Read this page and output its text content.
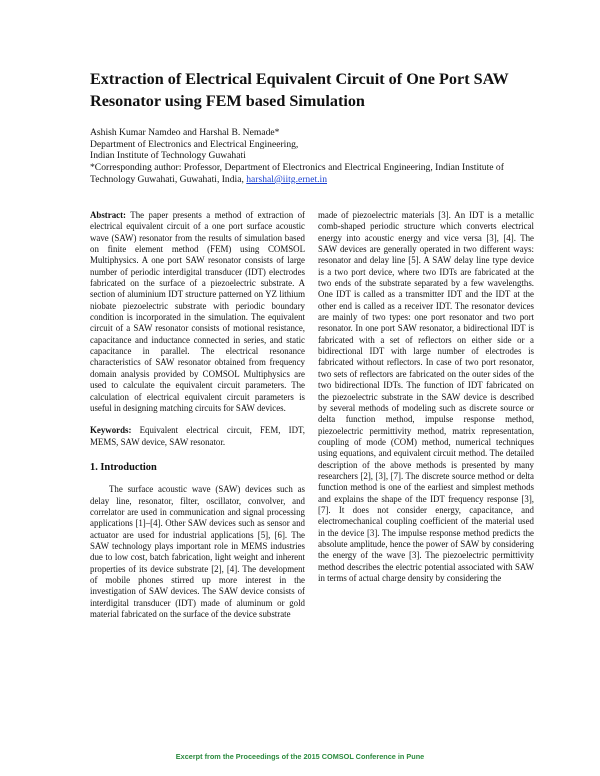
Extraction of Electrical Equivalent Circuit of One Port SAW Resonator using FEM based Simulation
Ashish Kumar Namdeo and Harshal B. Nemade*
Department of Electronics and Electrical Engineering,
Indian Institute of Technology Guwahati
*Corresponding author: Professor, Department of Electronics and Electrical Engineering, Indian Institute of
Technology Guwahati, Guwahati, India, harshal@iitg.ernet.in

Abstract: The paper presents a method of extraction of electrical equivalent circuit of a one port surface acoustic wave (SAW) resonator from the results of simulation based on finite element method (FEM) using COMSOL Multiphysics. A one port SAW resonator consists of large number of periodic interdigital transducer (IDT) electrodes fabricated on the surface of a piezoelectric substrate. A section of aluminium IDT structure patterned on YZ lithium niobate piezoelectric substrate with periodic boundary condition is incorporated in the simulation. The equivalent circuit of a SAW resonator consists of motional resistance, capacitance and inductance connected in series, and static capacitance in parallel. The electrical resonance characteristics of SAW resonator obtained from frequency domain analysis provided by COMSOL Multiphysics are used to calculate the equivalent circuit parameters. The calculation of electrical equivalent circuit parameters is useful in designing matching circuits for SAW devices.

Keywords: Equivalent electrical circuit, FEM, IDT, MEMS, SAW device, SAW resonator.

1. Introduction

The surface acoustic wave (SAW) devices such as delay line, resonator, filter, oscillator, convolver, and correlator are used in communication and signal processing applications [1]–[4]. Other SAW devices such as sensor and actuator are used for industrial applications [5], [6]. The SAW technology plays important role in MEMS industries due to low cost, batch fabrication, light weight and inherent properties of its device substrate [2], [4]. The development of mobile phones stirred up more interest in the investigation of SAW devices. The SAW device consists of interdigital transducer (IDT) made of aluminum or gold material fabricated on the surface of the device substrate

made of piezoelectric materials [3]. An IDT is a metallic comb-shaped periodic structure which converts electrical energy into acoustic energy and vice versa [3], [4]. The SAW devices are generally operated in two different ways: resonator and delay line [5]. A SAW delay line type device is a two port device, where two IDTs are fabricated at the two ends of the substrate separated by a few wavelengths. One IDT is called as a transmitter IDT and the IDT at the other end is called as a receiver IDT. The resonator devices are mainly of two types: one port resonator and two port resonator. In one port SAW resonator, a bidirectional IDT is fabricated with a set of reflectors on either side or a bidirectional IDT with large number of electrodes is fabricated without reflectors. In case of two port resonator, two sets of reflectors are fabricated on the outer sides of the two bidirectional IDTs. The function of IDT fabricated on the piezoelectric substrate in the SAW device is described by several methods of modeling such as discrete source or delta function method, impulse response method, piezoelectric permittivity method, matrix representation, coupling of mode (COM) method, numerical techniques using equations, and equivalent circuit method. The detailed description of the above methods is presented by many researchers [2], [3], [7]. The discrete source method or delta function method is one of the earliest and simplest methods and explains the shape of the IDT frequency response [3], [7]. It does not consider energy, capacitance, and electromechanical coupling coefficient of the material used in the device [3]. The impulse response method predicts the absolute amplitude, hence the power of SAW by considering the energy of the wave [3]. The piezoelectric permittivity method describes the electric potential associated with SAW in terms of actual charge density by considering the

Excerpt from the Proceedings of the 2015 COMSOL Conference in Pune
